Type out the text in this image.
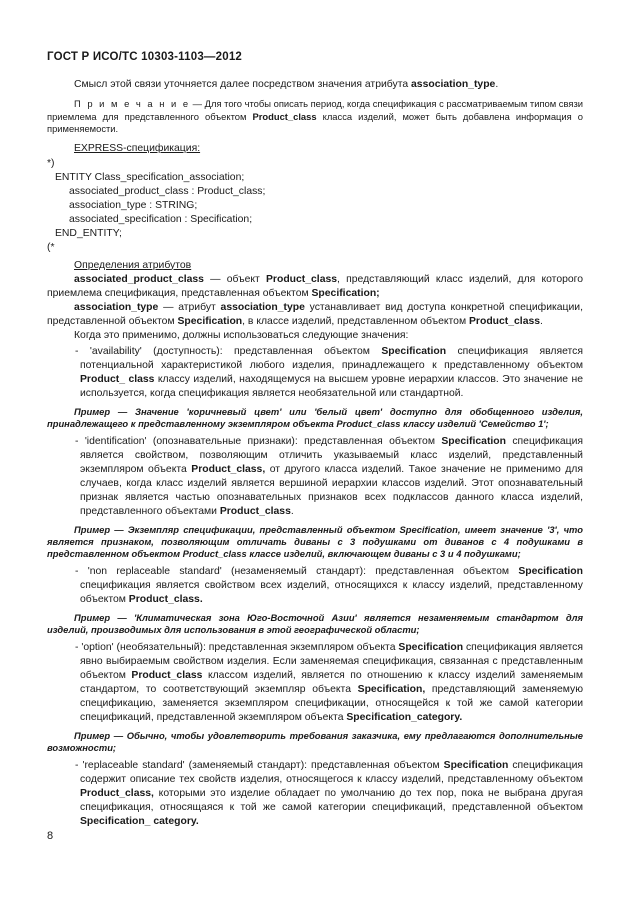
ГОСТ Р ИСО/ТС 10303-1103—2012

Смысл этой связи уточняется далее посредством значения атрибута association_type.

П р и м е ч а н и е — Для того чтобы описать период, когда спецификация с рассматриваемым типом связи приемлема для представленного объектом Product_class класса изделий, может быть добавлена информация о применяемости.

EXPRESS-спецификация:

*)
ENTITY Class_specification_association;
associated_product_class : Product_class;
association_type : STRING;
associated_specification : Specification;
END_ENTITY;
(*

Определения атрибутов

associated_product_class — объект Product_class, представляющий класс изделий, для которого приемлема спецификация, представленная объектом Specification;

association_type — атрибут association_type устанавливает вид доступа конкретной спецификации, представленной объектом Specification, в классе изделий, представленном объектом Product_class.

Когда это применимо, должны использоваться следующие значения:

- 'availability' (доступность): представленная объектом Specification спецификация является потенциальной характеристикой любого изделия, принадлежащего к представленному объектом Product_ class классу изделий, находящемуся на высшем уровне иерархии классов. Это значение не используется, когда спецификация является необязательной или стандартной.

Пример — Значение 'коричневый цвет' или 'белый цвет' доступно для обобщенного изделия, принадлежащего к представленному экземпляром объекта Product_class классу изделий 'Семейство 1';

- 'identification' (опознавательные признаки): представленная объектом Specification спецификация является свойством, позволяющим отличить указываемый класс изделий, представленный экземпляром объекта Product_class, от другого класса изделий. Такое значение не применимо для случаев, когда класс изделий является вершиной иерархии классов изделий. Этот опознавательный признак является частью опознавательных признаков всех подклассов данного класса изделий, представленного объектами Product_class.

Пример — Экземпляр спецификации, представленный объектом Specification, имеет значение '3', что является признаком, позволяющим отличать диваны с 3 подушками от диванов с 4 подушками в представленном объектом Product_class классе изделий, включающем диваны с 3 и 4 подушками;

- 'non replaceable standard' (незаменяемый стандарт): представленная объектом Specification спецификация является свойством всех изделий, относящихся к классу изделий, представленному объектом Product_class.

Пример — 'Климатическая зона Юго-Восточной Азии' является незаменяемым стандартом для изделий, производимых для использования в этой географической области;

- 'option' (необязательный): представленная экземпляром объекта Specification спецификация является явно выбираемым свойством изделия. Если заменяемая спецификация, связанная с представленным объектом Product_class классом изделий, является по отношению к классу изделий заменяемым стандартом, то соответствующий экземпляр объекта Specification, представляющий заменяемую спецификацию, заменяется экземпляром спецификации, относящейся к той же самой категории спецификаций, представленной экземпляром объекта Specification_category.

Пример — Обычно, чтобы удовлетворить требования заказчика, ему предлагаются дополнительные возможности;

- 'replaceable standard' (заменяемый стандарт): представленная объектом Specification спецификация содержит описание тех свойств изделия, относящегося к классу изделий, представленному объектом Product_class, которыми это изделие обладает по умолчанию до тех пор, пока не выбрана другая спецификация, относящаяся к той же самой категории спецификаций, представленной объектом Specification_ category.

8
